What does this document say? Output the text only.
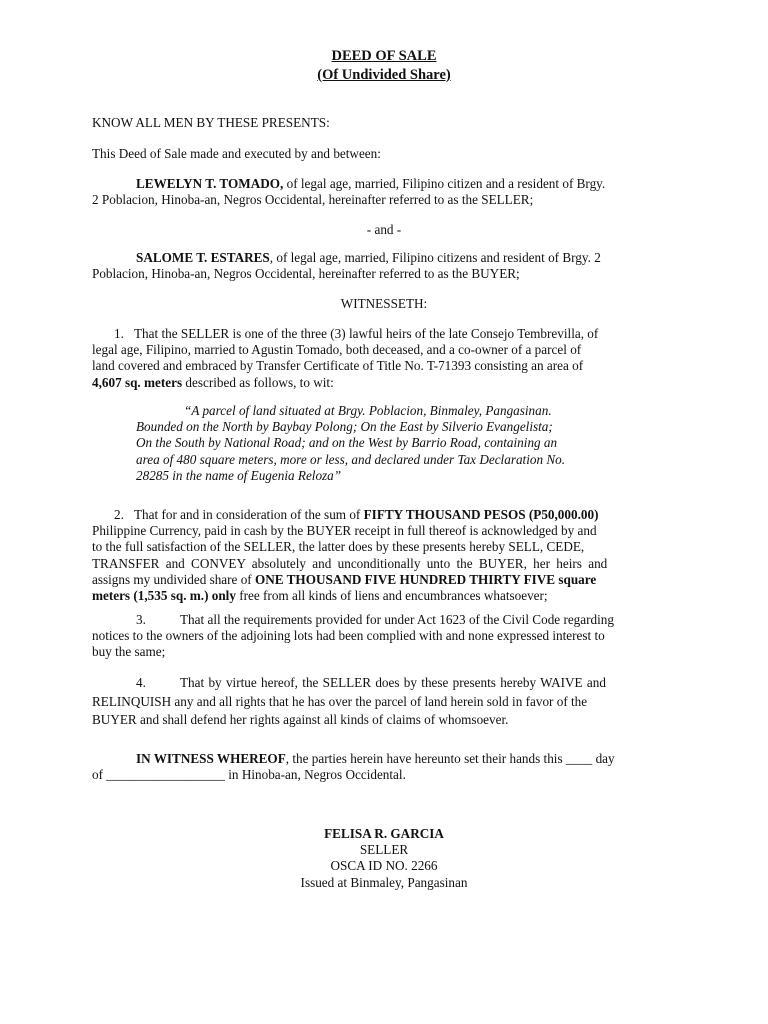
DEED OF SALE
(Of Undivided Share)
KNOW ALL MEN BY THESE PRESENTS:
This Deed of Sale made and executed by and between:
LEWELYN T. TOMADO, of legal age, married, Filipino citizen and a resident of Brgy.
2 Poblacion, Hinoba-an, Negros Occidental, hereinafter referred to as the SELLER;
- and -
SALOME T. ESTARES, of legal age, married, Filipino citizens and resident of Brgy. 2
Poblacion, Hinoba-an, Negros Occidental, hereinafter referred to as the BUYER;
WITNESSETH:
1. That the SELLER is one of the three (3) lawful heirs of the late Consejo Tembrevilla, of
legal age, Filipino, married to Agustin Tomado, both deceased, and a co-owner of a parcel of
land covered and embraced by Transfer Certificate of Title No. T-71393 consisting an area of
4,607 sq. meters described as follows, to wit:
“A parcel of land situated at Brgy. Poblacion, Binmaley, Pangasinan.
Bounded on the North by Baybay Polong; On the East by Silverio Evangelista;
On the South by National Road; and on the West by Barrio Road, containing an
area of 480 square meters, more or less, and declared under Tax Declaration No.
28285 in the name of Eugenia Reloza”
2. That for and in consideration of the sum of FIFTY THOUSAND PESOS (P50,000.00)
Philippine Currency, paid in cash by the BUYER receipt in full thereof is acknowledged by and
to the full satisfaction of the SELLER, the latter does by these presents hereby SELL, CEDE,
TRANSFER and CONVEY absolutely and unconditionally unto the BUYER, her heirs and
assigns my undivided share of ONE THOUSAND FIVE HUNDRED THIRTY FIVE square
meters (1,535 sq. m.) only free from all kinds of liens and encumbrances whatsoever;
3.	That all the requirements provided for under Act 1623 of the Civil Code regarding
notices to the owners of the adjoining lots had been complied with and none expressed interest to
buy the same;
4.	That by virtue hereof, the SELLER does by these presents hereby WAIVE and
RELINQUISH any and all rights that he has over the parcel of land herein sold in favor of the
BUYER and shall defend her rights against all kinds of claims of whomsoever.
IN WITNESS WHEREOF, the parties herein have hereunto set their hands this ____ day
of __________________ in Hinoba-an, Negros Occidental.
FELISA R. GARCIA
SELLER
OSCA ID NO. 2266
Issued at Binmaley, Pangasinan
